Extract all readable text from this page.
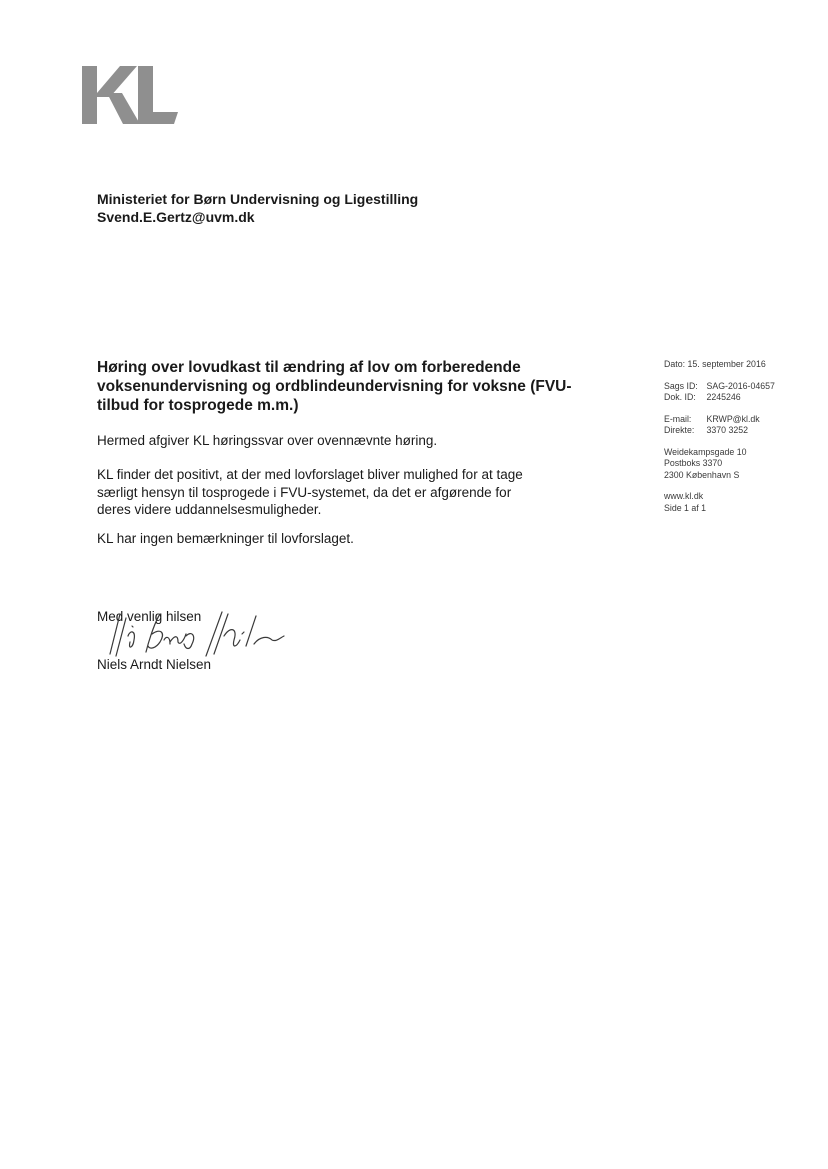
Ministeriet for Børn Undervisning og Ligestilling
Svend.E.Gertz@uvm.dk
Høring over lovudkast til ændring af lov om forberedende
voksenundervisning og ordblindeundervisning for voksne (FVU-
tilbud for tosprogede m.m.)
Hermed afgiver KL høringssvar over ovennævnte høring.
KL finder det positivt, at der med lovforslaget bliver mulighed for at tage
særligt hensyn til tosprogede i FVU-systemet, da det er afgørende for
deres videre uddannelsesmuligheder.
KL har ingen bemærkninger til lovforslaget.
Med venlig hilsen
Niels Arndt Nielsen
Dato: 15. september 2016
Sags ID: SAG-2016-04657
Dok. ID: 2245246
E-mail: KRWP@kl.dk
Direkte: 3370 3252
Weidekampsgade 10
Postboks 3370
2300 København S
www.kl.dk
Side 1 af 1
